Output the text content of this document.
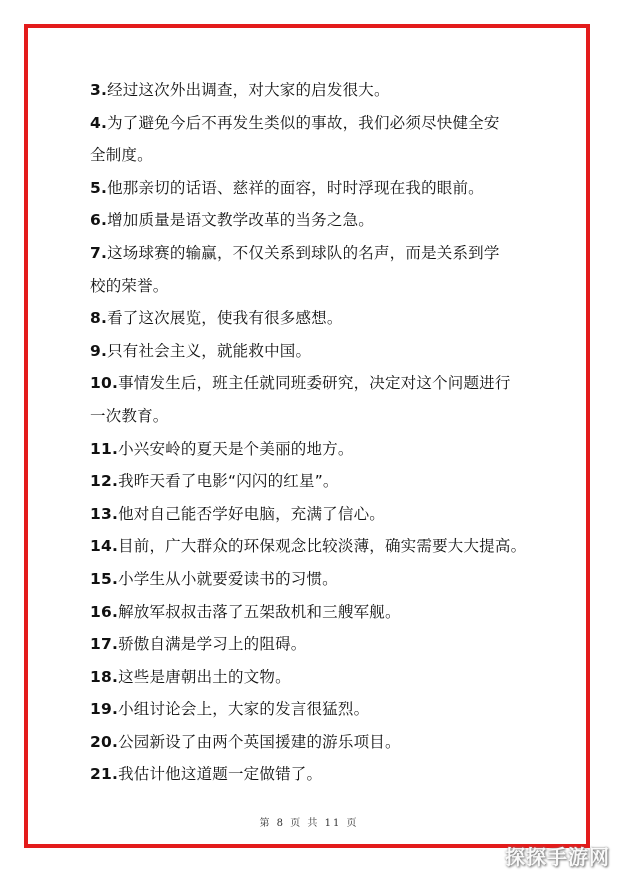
3.经过这次外出调查，对大家的启发很大。
4.为了避免今后不再发生类似的事故，我们必须尽快健全安
全制度。
5.他那亲切的话语、慈祥的面容，时时浮现在我的眼前。
6.增加质量是语文教学改革的当务之急。
7.这场球赛的输赢，不仅关系到球队的名声，而是关系到学
校的荣誉。
8.看了这次展览，使我有很多感想。
9.只有社会主义，就能救中国。
10.事情发生后，班主任就同班委研究，决定对这个问题进行
一次教育。
11.小兴安岭的夏天是个美丽的地方。
12.我昨天看了电影“闪闪的红星”。
13.他对自己能否学好电脑，充满了信心。
14.目前，广大群众的环保观念比较淡薄，确实需要大大提高。
15.小学生从小就要爱读书的习惯。
16.解放军叔叔击落了五架敌机和三艘军舰。
17.骄傲自满是学习上的阻碍。
18.这些是唐朝出土的文物。
19.小组讨论会上，大家的发言很猛烈。
20.公园新设了由两个英国援建的游乐项目。
21.我估计他这道题一定做错了。
第 8 页 共 11 页
探探手游网
